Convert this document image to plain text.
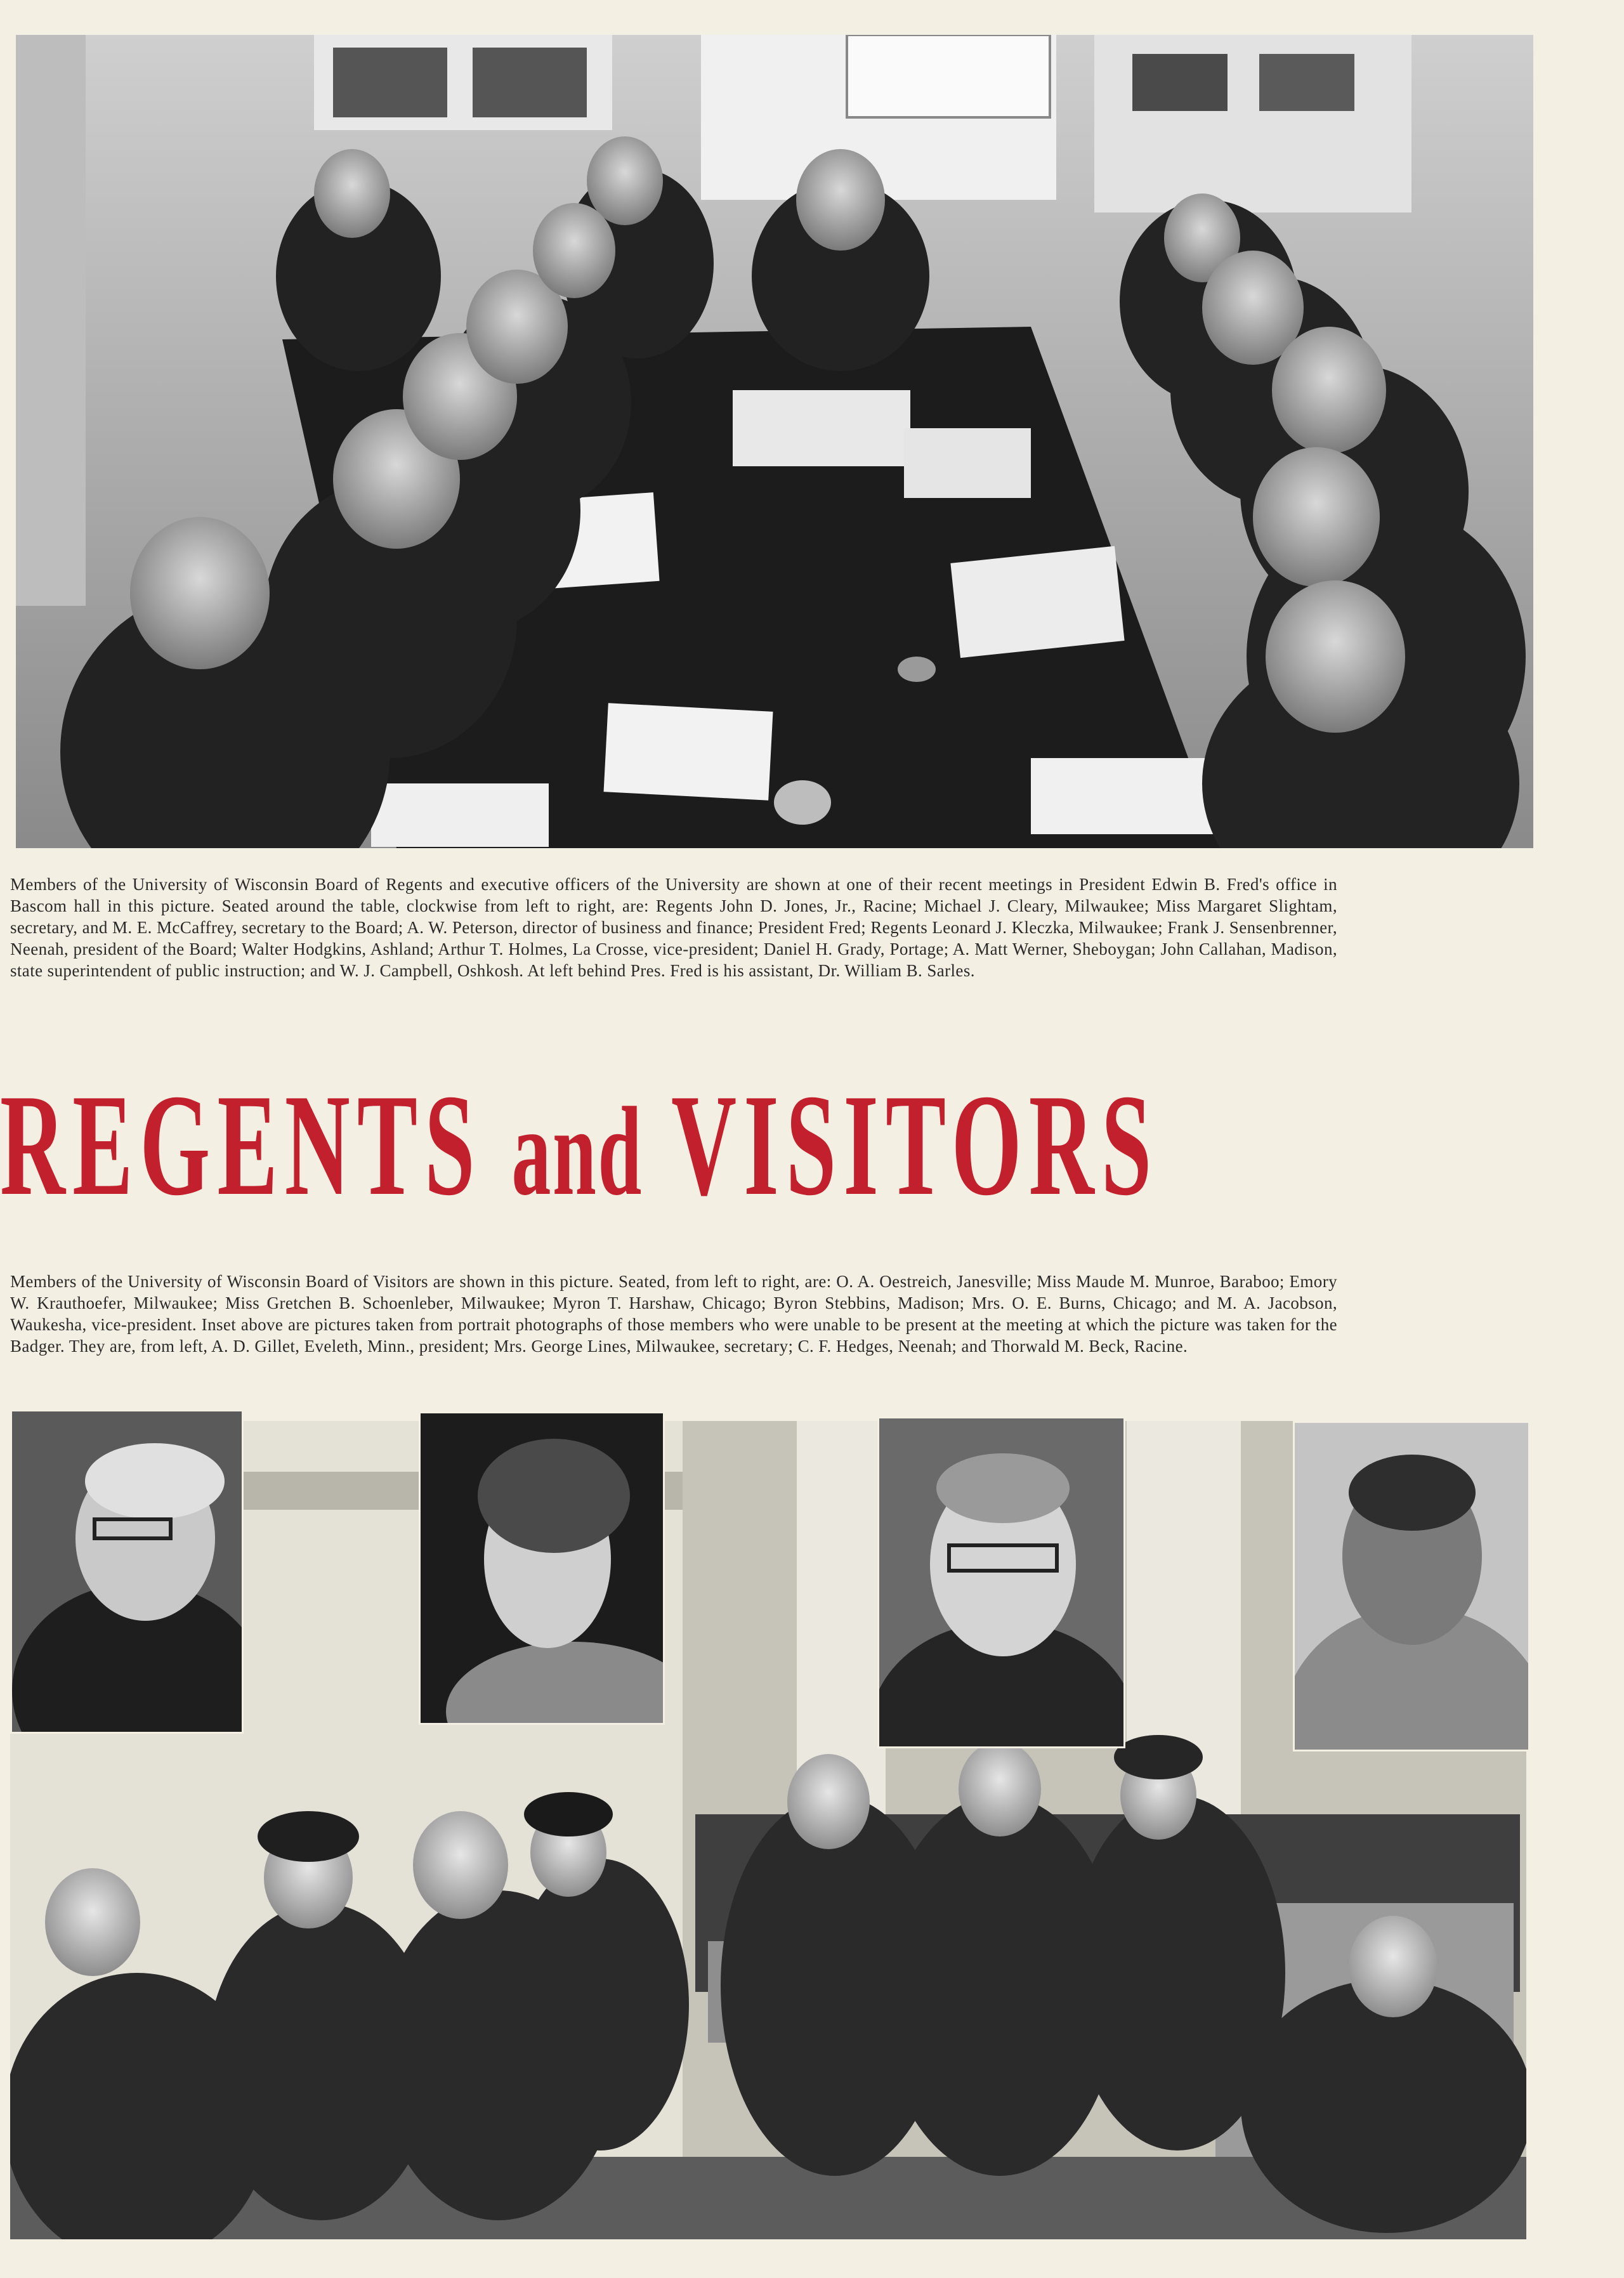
Members of the University of Wisconsin Board of Regents and executive officers of the University are shown at one of their recent meetings in President Edwin B. Fred's office in Bascom hall in this picture. Seated around the table, clockwise from left to right, are: Regents John D. Jones, Jr., Racine; Michael J. Cleary, Milwaukee; Miss Margaret Slightam, secretary, and M. E. McCaffrey, secretary to the Board; A. W. Peterson, director of business and finance; President Fred; Regents Leonard J. Kleczka, Milwaukee; Frank J. Sensenbrenner, Neenah, president of the Board; Walter Hodgkins, Ashland; Arthur T. Holmes, La Crosse, vice-president; Daniel H. Grady, Portage; A. Matt Werner, Sheboygan; John Callahan, Madison, state superintendent of public instruction; and W. J. Campbell, Oshkosh. At left behind Pres. Fred is his assistant, Dr. William B. Sarles.

REGENTS and VISITORS

Members of the University of Wisconsin Board of Visitors are shown in this picture. Seated, from left to right, are: O. A. Oestreich, Janesville; Miss Maude M. Munroe, Baraboo; Emory W. Krauthoefer, Milwaukee; Miss Gretchen B. Schoenleber, Milwaukee; Myron T. Harshaw, Chicago; Byron Stebbins, Madison; Mrs. O. E. Burns, Chicago; and M. A. Jacobson, Waukesha, vice-president. Inset above are pictures taken from portrait photographs of those members who were unable to be present at the meeting at which the picture was taken for the Badger. They are, from left, A. D. Gillet, Eveleth, Minn., president; Mrs. George Lines, Milwaukee, secretary; C. F. Hedges, Neenah; and Thorwald M. Beck, Racine.
